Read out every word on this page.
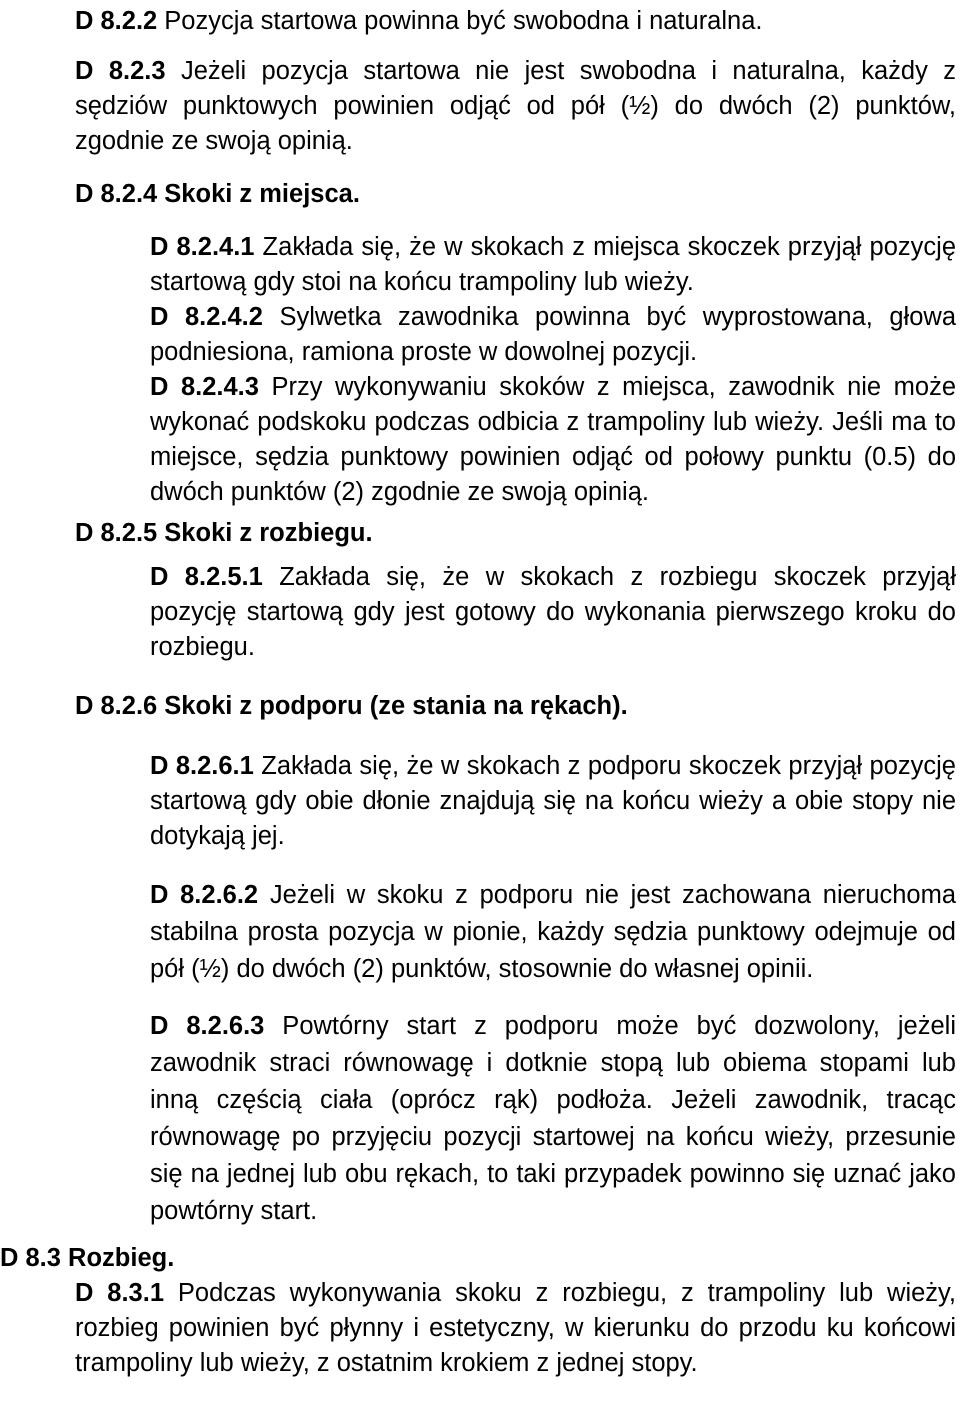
D 8.2.2 Pozycja startowa powinna być swobodna i naturalna.

D 8.2.3 Jeżeli pozycja startowa nie jest swobodna i naturalna, każdy z sędziów punktowych powinien odjąć od pół (½) do dwóch (2) punktów, zgodnie ze swoją opinią.

D 8.2.4 Skoki z miejsca.

D 8.2.4.1 Zakłada się, że w skokach z miejsca skoczek przyjął pozycję startową gdy stoi na końcu trampoliny lub wieży.

D 8.2.4.2 Sylwetka zawodnika powinna być wyprostowana, głowa podniesiona, ramiona proste w dowolnej pozycji.

D 8.2.4.3 Przy wykonywaniu skoków z miejsca, zawodnik nie może wykonać podskoku podczas odbicia z trampoliny lub wieży. Jeśli ma to miejsce, sędzia punktowy powinien odjąć od połowy punktu (0.5) do dwóch punktów (2) zgodnie ze swoją opinią.

D 8.2.5 Skoki z rozbiegu.

D 8.2.5.1 Zakłada się, że w skokach z rozbiegu skoczek przyjął pozycję startową gdy jest gotowy do wykonania pierwszego kroku do rozbiegu.

D 8.2.6 Skoki z podporu (ze stania na rękach).

D 8.2.6.1 Zakłada się, że w skokach z podporu skoczek przyjął pozycję startową gdy obie dłonie znajdują się na końcu wieży a obie stopy nie dotykają jej.

D 8.2.6.2 Jeżeli w skoku z podporu nie jest zachowana nieruchoma stabilna prosta pozycja w pionie, każdy sędzia punktowy odejmuje od pół (½) do dwóch (2) punktów, stosownie do własnej opinii.

D 8.2.6.3 Powtórny start z podporu może być dozwolony, jeżeli zawodnik straci równowagę i dotknie stopą lub obiema stopami lub inną częścią ciała (oprócz rąk) podłoża. Jeżeli zawodnik, tracąc równowagę po przyjęciu pozycji startowej na końcu wieży, przesunie się na jednej lub obu rękach, to taki przypadek powinno się uznać jako powtórny start.

D 8.3 Rozbieg.

D 8.3.1 Podczas wykonywania skoku z rozbiegu, z trampoliny lub wieży, rozbieg powinien być płynny i estetyczny, w kierunku do przodu ku końcowi trampoliny lub wieży, z ostatnim krokiem z jednej stopy.
